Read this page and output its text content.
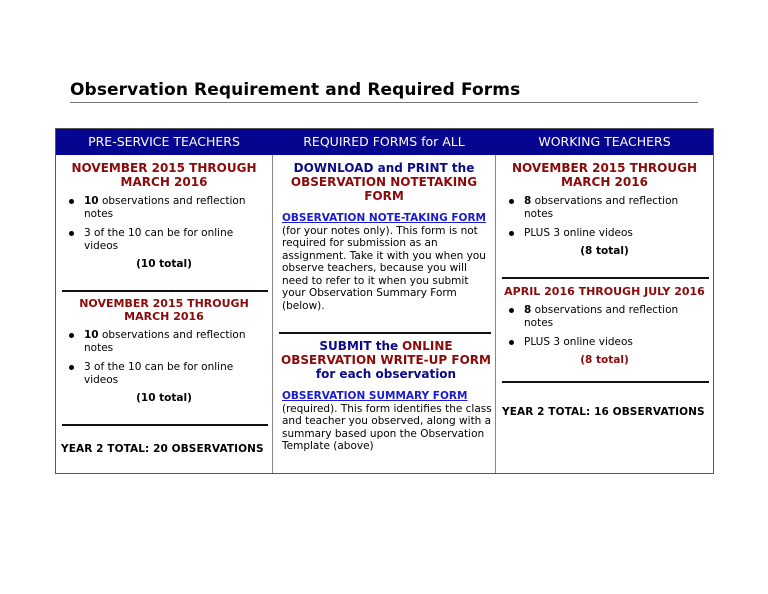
Observation Requirement and Required Forms
PRE-SERVICE TEACHERS	REQUIRED FORMS for ALL	WORKING TEACHERS
NOVEMBER 2015 THROUGH MARCH 2016
10 observations and reflection notes
3 of the 10 can be for online videos
(10 total)
NOVEMBER 2015 THROUGH MARCH 2016
10 observations and reflection notes
3 of the 10 can be for online videos
(10 total)
YEAR 2 TOTAL: 20 OBSERVATIONS
DOWNLOAD and PRINT the
OBSERVATION NOTETAKING FORM
OBSERVATION NOTE-TAKING FORM
(for your notes only). This form is not required for submission as an assignment. Take it with you when you observe teachers, because you will need to refer to it when you submit your Observation Summary Form (below).
SUBMIT the ONLINE OBSERVATION WRITE-UP FORM for each observation
OBSERVATION SUMMARY FORM
(required). This form identifies the class and teacher you observed, along with a summary based upon the Observation Template (above)
NOVEMBER 2015 THROUGH MARCH 2016
8 observations and reflection notes
PLUS 3 online videos
(8 total)
APRIL 2016 THROUGH JULY 2016
8 observations and reflection notes
PLUS 3 online videos
(8 total)
YEAR 2 TOTAL: 16 OBSERVATIONS
